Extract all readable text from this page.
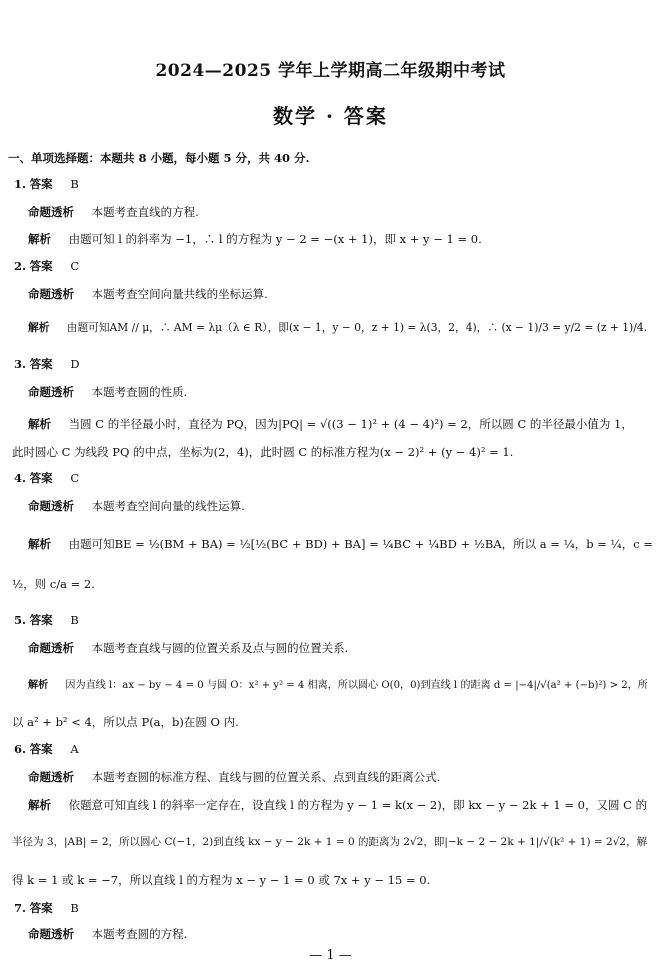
2024—2025 学年上学期高二年级期中考试
数学 · 答案
一、单项选择题：本题共 8 小题，每小题 5 分，共 40 分.
1. 答案 B
命题透析 本题考查直线的方程.
解析 由题可知 l 的斜率为 −1，∴ l 的方程为 y − 2 = −(x + 1)，即 x + y − 1 = 0.
2. 答案 C
命题透析 本题考查空间向量共线的坐标运算.
解析 由题可知AM // μ，∴ AM = λμ（λ ∈ R），即(x − 1，y − 0，z + 1) = λ(3，2，4)，∴ (x − 1)/3 = y/2 = (z + 1)/4.
3. 答案 D
命题透析 本题考查圆的性质.
解析 当圆 C 的半径最小时，直径为 PQ，因为|PQ| = √((3 − 1)² + (4 − 4)²) = 2，所以圆 C 的半径最小值为 1，
此时圆心 C 为线段 PQ 的中点，坐标为(2，4)，此时圆 C 的标准方程为(x − 2)² + (y − 4)² = 1.
4. 答案 C
命题透析 本题考查空间向量的线性运算.
解析 由题可知BE = ½(BM + BA) = ½[½(BC + BD) + BA] = ¼BC + ¼BD + ½BA，所以 a = ¼，b = ¼，c =
½，则 c/a = 2.
5. 答案 B
命题透析 本题考查直线与圆的位置关系及点与圆的位置关系.
解析 因为直线 l：ax − by − 4 = 0 与圆 O：x² + y² = 4 相离，所以圆心 O(0，0)到直线 l 的距离 d = |−4|/√(a² + (−b)²) > 2，所
以 a² + b² < 4，所以点 P(a，b)在圆 O 内.
6. 答案 A
命题透析 本题考查圆的标准方程、直线与圆的位置关系、点到直线的距离公式.
解析 依题意可知直线 l 的斜率一定存在，设直线 l 的方程为 y − 1 = k(x − 2)，即 kx − y − 2k + 1 = 0，又圆 C 的
半径为 3，|AB| = 2，所以圆心 C(−1，2)到直线 kx − y − 2k + 1 = 0 的距离为 2√2，即|−k − 2 − 2k + 1|/√(k² + 1) = 2√2，解
得 k = 1 或 k = −7，所以直线 l 的方程为 x − y − 1 = 0 或 7x + y − 15 = 0.
7. 答案 B
命题透析 本题考查圆的方程.
— 1 —
